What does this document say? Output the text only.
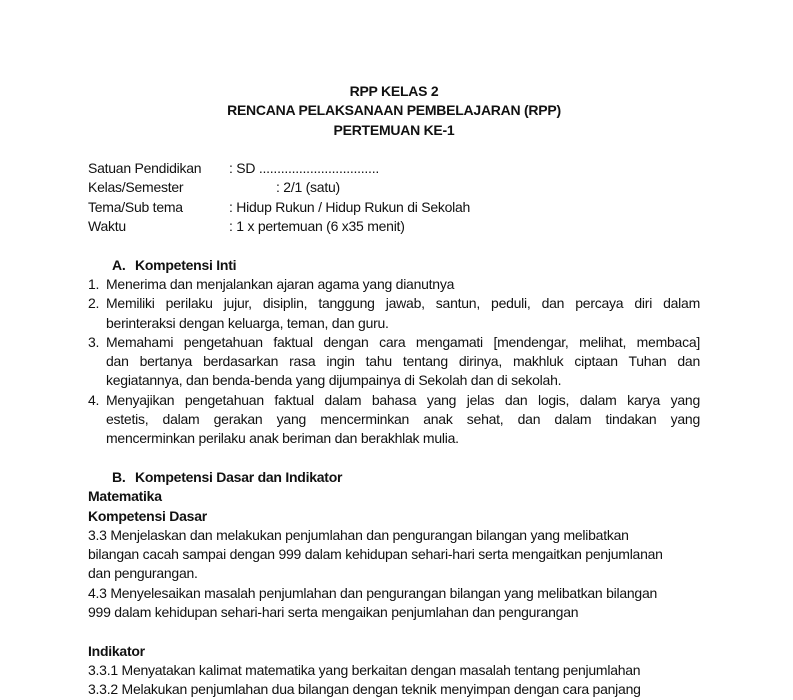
RPP KELAS 2
RENCANA PELAKSANAAN PEMBELAJARAN (RPP)
PERTEMUAN KE-1
Satuan Pendidikan : SD .................................
Kelas/Semester	: 2/1 (satu)
Tema/Sub tema	: Hidup Rukun / Hidup Rukun di Sekolah
Waktu	: 1 x pertemuan (6 x35 menit)
A. Kompetensi Inti
1. Menerima dan menjalankan ajaran agama yang dianutnya
2. Memiliki perilaku jujur, disiplin, tanggung jawab, santun, peduli, dan percaya diri dalam
berinteraksi dengan keluarga, teman, dan guru.
3. Memahami pengetahuan faktual dengan cara mengamati [mendengar, melihat, membaca]
dan bertanya berdasarkan rasa ingin tahu tentang dirinya, makhluk ciptaan Tuhan dan
kegiatannya, dan benda-benda yang dijumpainya di Sekolah dan di sekolah.
4. Menyajikan pengetahuan faktual dalam bahasa yang jelas dan logis, dalam karya yang
estetis, dalam gerakan yang mencerminkan anak sehat, dan dalam tindakan yang
mencerminkan perilaku anak beriman dan berakhlak mulia.
B. Kompetensi Dasar dan Indikator
Matematika
Kompetensi Dasar
3.3 Menjelaskan dan melakukan penjumlahan dan pengurangan bilangan yang melibatkan
bilangan cacah sampai dengan 999 dalam kehidupan sehari-hari serta mengaitkan penjumlanan
dan pengurangan.
4.3 Menyelesaikan masalah penjumlahan dan pengurangan bilangan yang melibatkan bilangan
999 dalam kehidupan sehari-hari serta mengaikan penjumlahan dan pengurangan
Indikator
3.3.1 Menyatakan kalimat matematika yang berkaitan dengan masalah tentang penjumlahan
3.3.2 Melakukan penjumlahan dua bilangan dengan teknik menyimpan dengan cara panjang
